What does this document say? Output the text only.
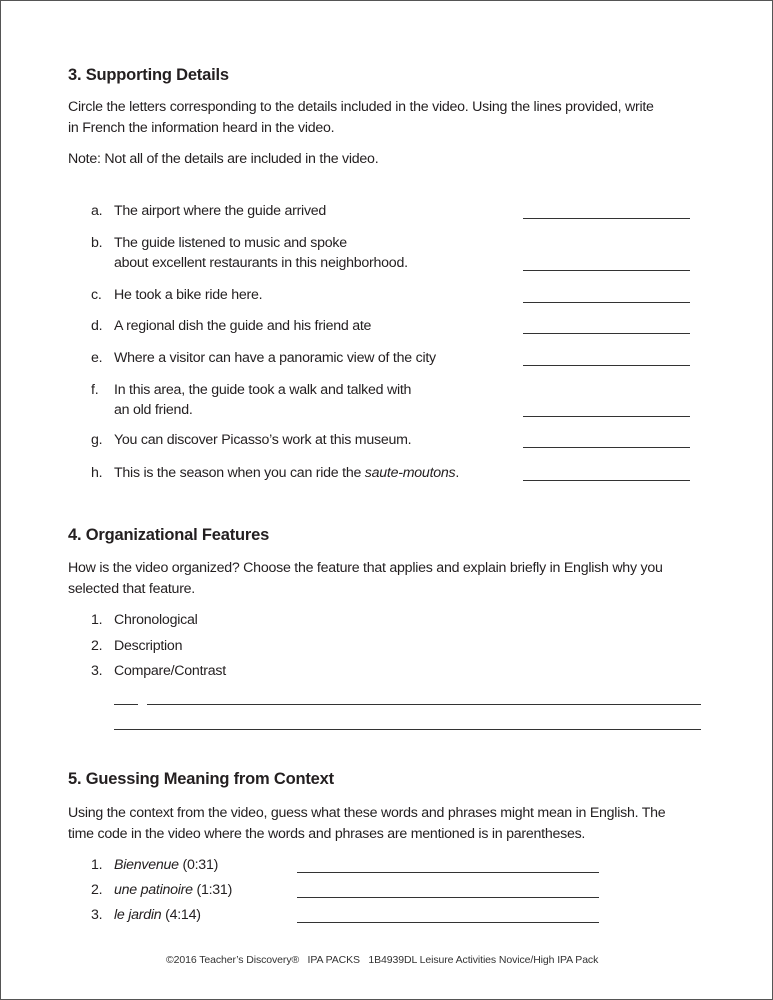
3. Supporting Details
Circle the letters corresponding to the details included in the video. Using the lines provided, write
in French the information heard in the video.
Note: Not all of the details are included in the video.
a. The airport where the guide arrived
b. The guide listened to music and spoke
about excellent restaurants in this neighborhood.
c. He took a bike ride here.
d. A regional dish the guide and his friend ate
e. Where a visitor can have a panoramic view of the city
f. In this area, the guide took a walk and talked with
an old friend.
g. You can discover Picasso’s work at this museum.
h. This is the season when you can ride the saute-moutons.
4. Organizational Features
How is the video organized? Choose the feature that applies and explain briefly in English why you
selected that feature.
1. Chronological
2. Description
3. Compare/Contrast
5. Guessing Meaning from Context
Using the context from the video, guess what these words and phrases might mean in English. The
time code in the video where the words and phrases are mentioned is in parentheses.
1. Bienvenue (0:31)
2. une patinoire (1:31)
3. le jardin (4:14)
©2016 Teacher’s Discovery®   IPA PACKS   1B4939DL Leisure Activities Novice/High IPA Pack
